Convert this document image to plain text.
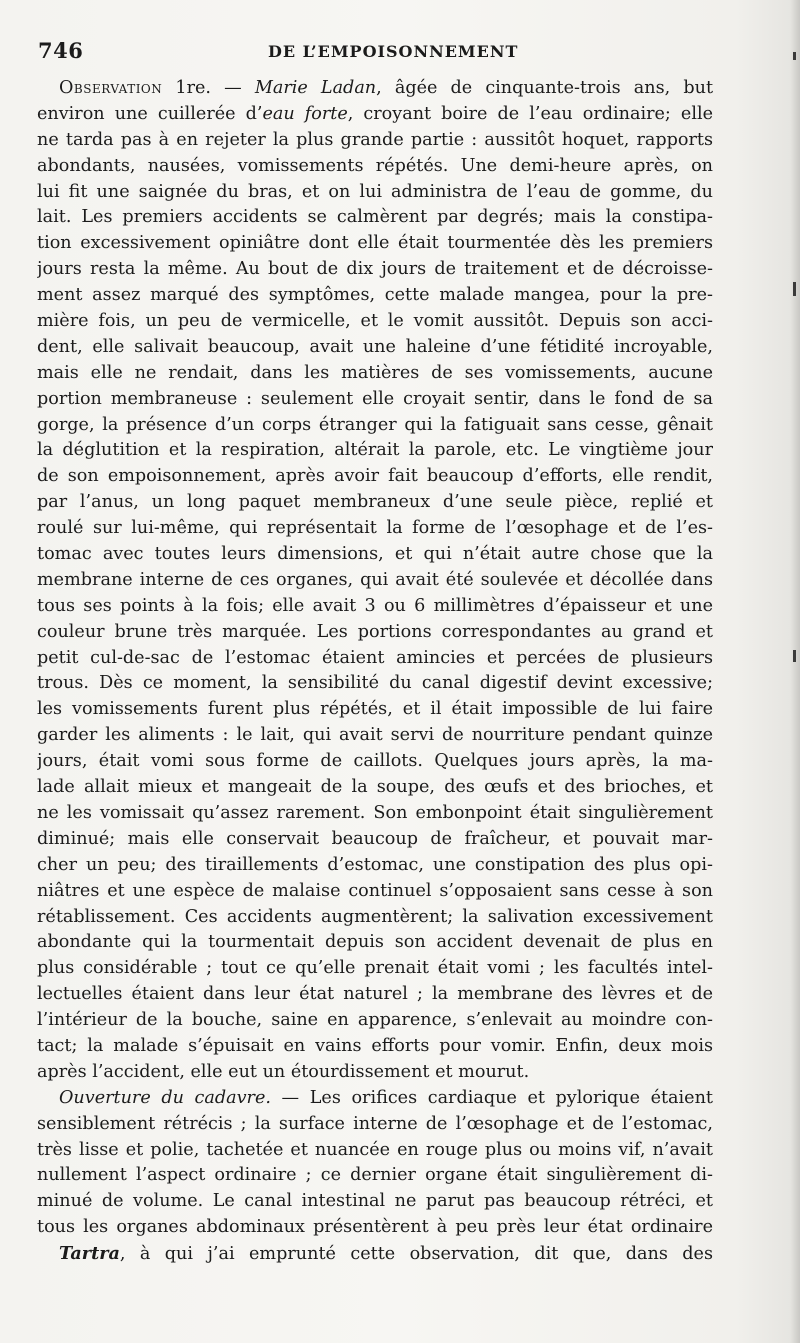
746	DE L’EMPOISONNEMENT
Observation 1re. — Marie Ladan, âgée de cinquante-trois ans, but
environ une cuillerée d’eau forte, croyant boire de l’eau ordinaire; elle
ne tarda pas à en rejeter la plus grande partie : aussitôt hoquet, rapports
abondants, nausées, vomissements répétés. Une demi-heure après, on
lui fit une saignée du bras, et on lui administra de l’eau de gomme, du
lait. Les premiers accidents se calmèrent par degrés; mais la constipa-
tion excessivement opiniâtre dont elle était tourmentée dès les premiers
jours resta la même. Au bout de dix jours de traitement et de décroisse-
ment assez marqué des symptômes, cette malade mangea, pour la pre-
mière fois, un peu de vermicelle, et le vomit aussitôt. Depuis son acci-
dent, elle salivait beaucoup, avait une haleine d’une fétidité incroyable,
mais elle ne rendait, dans les matières de ses vomissements, aucune
portion membraneuse : seulement elle croyait sentir, dans le fond de sa
gorge, la présence d’un corps étranger qui la fatiguait sans cesse, gênait
la déglutition et la respiration, altérait la parole, etc. Le vingtième jour
de son empoisonnement, après avoir fait beaucoup d’efforts, elle rendit,
par l’anus, un long paquet membraneux d’une seule pièce, replié et
roulé sur lui-même, qui représentait la forme de l’œsophage et de l’es-
tomac avec toutes leurs dimensions, et qui n’était autre chose que la
membrane interne de ces organes, qui avait été soulevée et décollée dans
tous ses points à la fois; elle avait 3 ou 6 millimètres d’épaisseur et une
couleur brune très marquée. Les portions correspondantes au grand et
petit cul-de-sac de l’estomac étaient amincies et percées de plusieurs
trous. Dès ce moment, la sensibilité du canal digestif devint excessive;
les vomissements furent plus répétés, et il était impossible de lui faire
garder les aliments : le lait, qui avait servi de nourriture pendant quinze
jours, était vomi sous forme de caillots. Quelques jours après, la ma-
lade allait mieux et mangeait de la soupe, des œufs et des brioches, et
ne les vomissait qu’assez rarement. Son embonpoint était singulièrement
diminué; mais elle conservait beaucoup de fraîcheur, et pouvait mar-
cher un peu; des tiraillements d’estomac, une constipation des plus opi-
niâtres et une espèce de malaise continuel s’opposaient sans cesse à son
rétablissement. Ces accidents augmentèrent; la salivation excessivement
abondante qui la tourmentait depuis son accident devenait de plus en
plus considérable ; tout ce qu’elle prenait était vomi ; les facultés intel-
lectuelles étaient dans leur état naturel ; la membrane des lèvres et de
l’intérieur de la bouche, saine en apparence, s’enlevait au moindre con-
tact; la malade s’épuisait en vains efforts pour vomir. Enfin, deux mois
après l’accident, elle eut un étourdissement et mourut.
Ouverture du cadavre. — Les orifices cardiaque et pylorique étaient
sensiblement rétrécis ; la surface interne de l’œsophage et de l’estomac,
très lisse et polie, tachetée et nuancée en rouge plus ou moins vif, n’avait
nullement l’aspect ordinaire ; ce dernier organe était singulièrement di-
minué de volume. Le canal intestinal ne parut pas beaucoup rétréci, et
tous les organes abdominaux présentèrent à peu près leur état ordinaire
Tartra, à qui j’ai emprunté cette observation, dit que, dans des
